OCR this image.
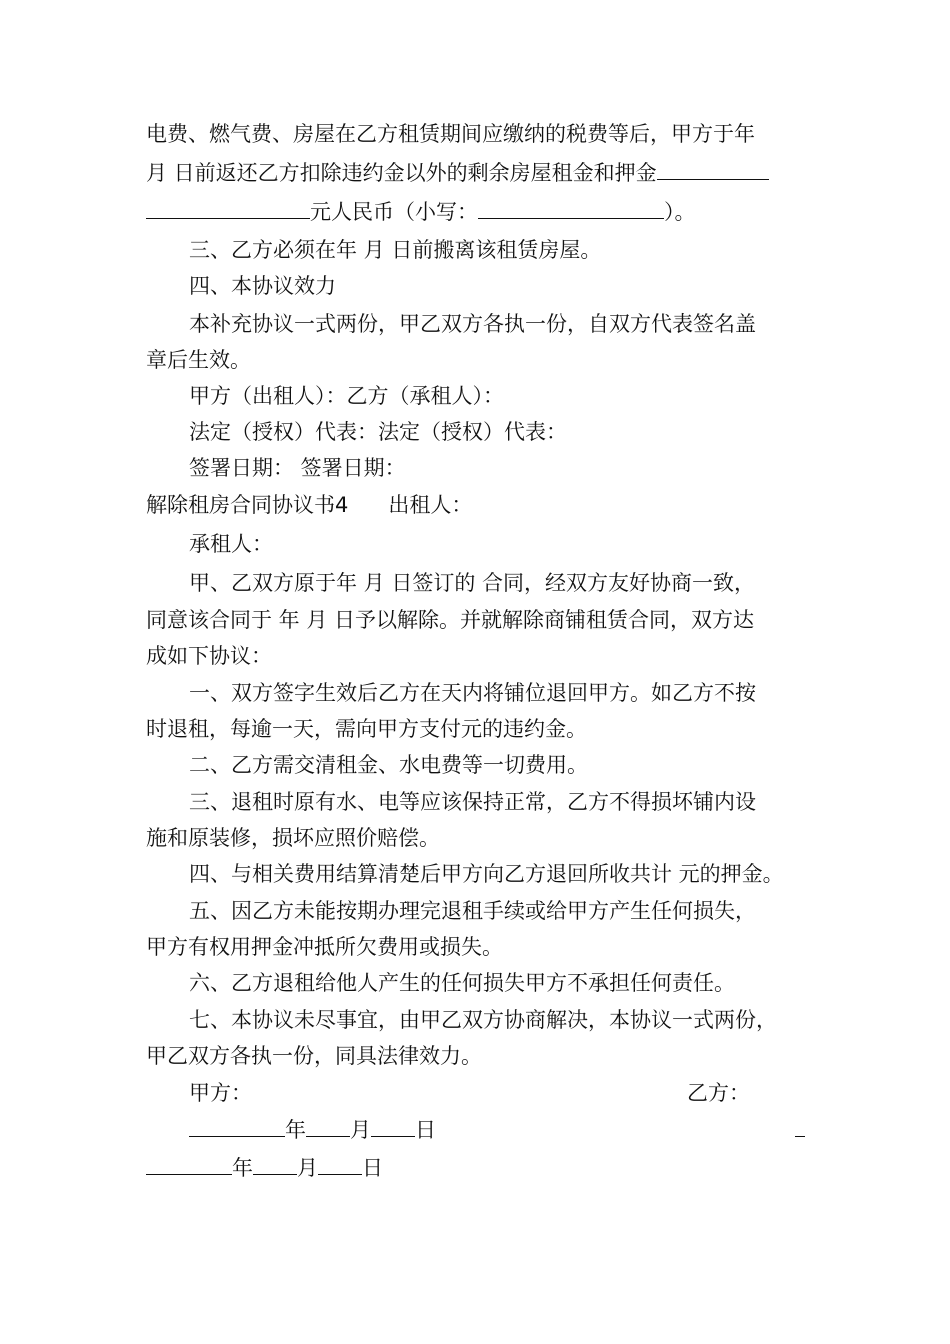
电费、燃气费、房屋在乙方租赁期间应缴纳的税费等后，甲方于年
月 日前返还乙方扣除违约金以外的剩余房屋租金和押金
元人民币（小写：	）。
三、乙方必须在年 月 日前搬离该租赁房屋。
四、本协议效力
本补充协议一式两份，甲乙双方各执一份，自双方代表签名盖
章后生效。
甲方（出租人）：乙方（承租人）：
法定（授权）代表：法定（授权）代表：
签署日期： 签署日期：
解除租房合同协议书4 出租人：
承租人：
甲、乙双方原于年 月 日签订的 合同，经双方友好协商一致，
同意该合同于 年 月 日予以解除。并就解除商铺租赁合同，双方达
成如下协议：
一、双方签字生效后乙方在天内将铺位退回甲方。如乙方不按
时退租，每逾一天，需向甲方支付元的违约金。
二、乙方需交清租金、水电费等一切费用。
三、退租时原有水、电等应该保持正常，乙方不得损坏铺内设
施和原装修，损坏应照价赔偿。
四、与相关费用结算清楚后甲方向乙方退回所收共计 元的押金。
五、因乙方未能按期办理完退租手续或给甲方产生任何损失，
甲方有权用押金冲抵所欠费用或损失。
六、乙方退租给他人产生的任何损失甲方不承担任何责任。
七、本协议未尽事宜，由甲乙双方协商解决，本协议一式两份，
甲乙双方各执一份，同具法律效力。
甲方：	乙方：
年 月 日
年 月 日
